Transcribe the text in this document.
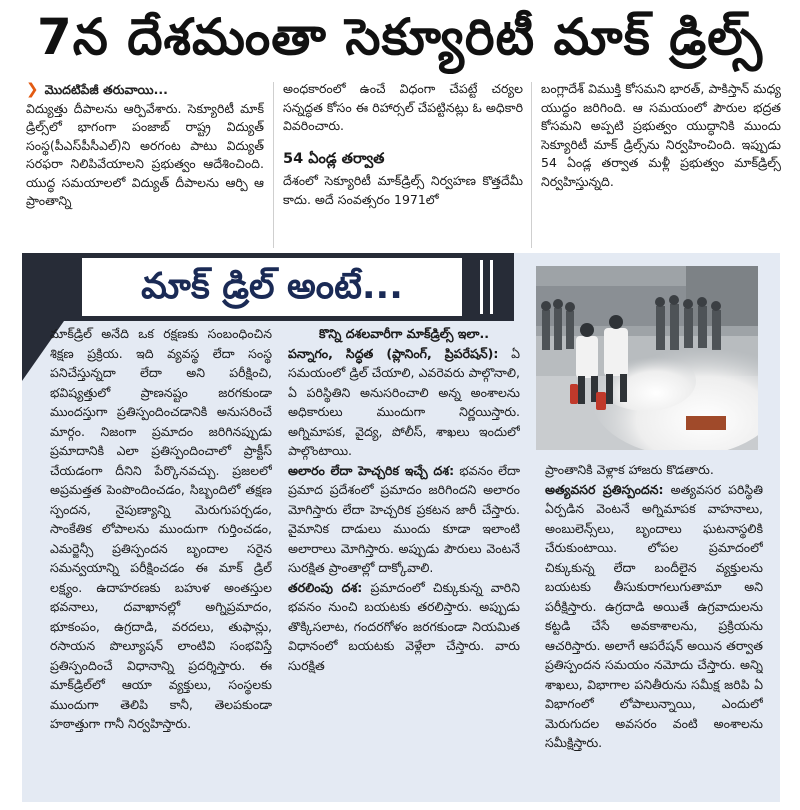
7న దేశమంతా సెక్యూరిటీ మాక్ డ్రిల్స్

❯ మొదటిపేజీ తరువాయి...

విద్యుత్తు దీపాలను ఆర్పివేశారు. సెక్యూరిటీ మాక్ డ్రిల్స్‌లో భాగంగా పంజాబ్ రాష్ట్ర విద్యుత్ సంస్థ(పీఎస్‌పీసీఎల్)ని అరగంట పాటు విద్యుత్ సరఫరా నిలిపివేయాలని ప్రభుత్వం ఆదేశించింది. యుద్ధ సమయాలలో విద్యుత్ దీపాలను ఆర్పి ఆ ప్రాంతాన్ని

అంధకారంలో ఉంచే విధంగా చేపట్టే చర్యల సన్నద్ధత కోసం ఈ రిహార్సల్ చేపట్టినట్లు ఓ అధికారి వివరించారు.

54 ఏండ్ల తర్వాత

దేశంలో సెక్యూరిటీ మాక్‌డ్రిల్స్ నిర్వహణ కొత్తదేమీ కాదు. అదే సంవత్సరం 1971లో

బంగ్లాదేశ్ విముక్తి కోసమని భారత్, పాకిస్తాన్ మధ్య యుద్ధం జరిగింది. ఆ సమయంలో పౌరుల భద్రత కోసమని అప్పటి ప్రభుత్వం యుద్ధానికి ముందు సెక్యూరిటీ మాక్ డ్రిల్స్‌ను నిర్వహించింది. ఇప్పుడు 54 ఏండ్ల తర్వాత మళ్లీ ప్రభుత్వం మాక్‌డ్రిల్స్ నిర్వహిస్తున్నది.

మాక్ డ్రిల్ అంటే...

మాక్‌డ్రిల్ అనేది ఒక రక్షణకు సంబంధించిన శిక్షణ ప్రక్రియ. ఇది వ్యవస్థ లేదా సంస్థ పనిచేస్తున్నదా లేదా అని పరీక్షించి, భవిష్యత్తులో ప్రాణనష్టం జరగకుండా ముందస్తుగా ప్రతిస్పందించడానికి అనుసరించే మార్గం. నిజంగా ప్రమాదం జరిగినప్పుడు ప్రమాదానికి ఎలా ప్రతిస్పందించాలో ప్రాక్టీస్ చేయడంగా దీనిని పేర్కొనవచ్చు. ప్రజలలో అప్రమత్తత పెంపొందించడం, సిబ్బందిలో తక్షణ స్పందన, నైపుణ్యాన్ని మెరుగుపర్చడం, సాంకేతిక లోపాలను ముందుగా గుర్తించడం, ఎమర్జెన్సీ ప్రతిస్పందన బృందాల సరైన సమన్వయాన్ని పరీక్షించడం ఈ మాక్ డ్రిల్ లక్ష్యం. ఉదాహరణకు బహుళ అంతస్తుల భవనాలు, దవాఖానల్లో అగ్నిప్రమాదం, భూకంపం, ఉగ్రదాడి, వరదలు, తుఫాన్లు, రసాయన పొల్యూషన్ లాంటివి సంభవిస్తే ప్రతిస్పందించే విధానాన్ని ప్రదర్శిస్తారు. ఈ మాక్‌డ్రిల్‌లో ఆయా వ్యక్తులు, సంస్థలకు ముందుగా తెలిపి కానీ, తెలపకుండా హఠాత్తుగా గానీ నిర్వహిస్తారు.

కొన్ని దశలవారీగా మాక్‌డ్రిల్స్ ఇలా..

పన్నాగం, సిద్ధత (ప్లానింగ్, ప్రిపరేషన్): ఏ సమయంలో డ్రిల్ చేయాలి, ఎవరెవరు పాల్గొనాలి, ఏ పరిస్థితిని అనుసరించాలి అన్న అంశాలను అధికారులు ముందుగా నిర్ణయిస్తారు. అగ్నిమాపక, వైద్య, పోలీస్, శాఖలు ఇందులో పాల్గొంటాయి.

అలారం లేదా హెచ్చరిక ఇచ్చే దశ: భవనం లేదా ప్రమాద ప్రదేశంలో ప్రమాదం జరిగిందని అలారం మోగిస్తారు లేదా హెచ్చరిక ప్రకటన జారీ చేస్తారు. వైమానిక దాడులు ముందు కూడా ఇలాంటి అలారాలు మోగిస్తారు. అప్పుడు పౌరులు వెంటనే సురక్షిత ప్రాంతాల్లో దాక్కోవాలి.

తరలింపు దశ: ప్రమాదంలో చిక్కుకున్న వారిని భవనం నుంచి బయటకు తరలిస్తారు. అప్పుడు తొక్కిసలాట, గందరగోళం జరగకుండా నియమిత విధానంలో బయటకు వెళ్లేలా చేస్తారు. వారు సురక్షిత

ప్రాంతానికి వెళ్లాక హాజరు కొడతారు.

అత్యవసర ప్రతిస్పందన: అత్యవసర పరిస్థితి ఏర్పడిన వెంటనే అగ్నిమాపక వాహనాలు, అంబులెన్స్‌లు, బృందాలు ఘటనాస్థలికి చేరుకుంటాయి. లోపల ప్రమాదంలో చిక్కుకున్న లేదా బందీలైన వ్యక్తులను బయటకు తీసుకురాగలుగుతామా అని పరీక్షిస్తారు. ఉగ్రదాడి అయితే ఉగ్రవాదులను కట్టడి చేసే అవకాశాలను, ప్రక్రియను ఆచరిస్తారు. అలాగే ఆపరేషన్ అయిన తర్వాత ప్రతిస్పందన సమయం నమోదు చేస్తారు. అన్ని శాఖలు, విభాగాల పనితీరును సమీక్ష జరిపి ఏ విభాగంలో లోపాలున్నాయి, ఎందులో మెరుగుదల అవసరం వంటి అంశాలను సమీక్షిస్తారు.
